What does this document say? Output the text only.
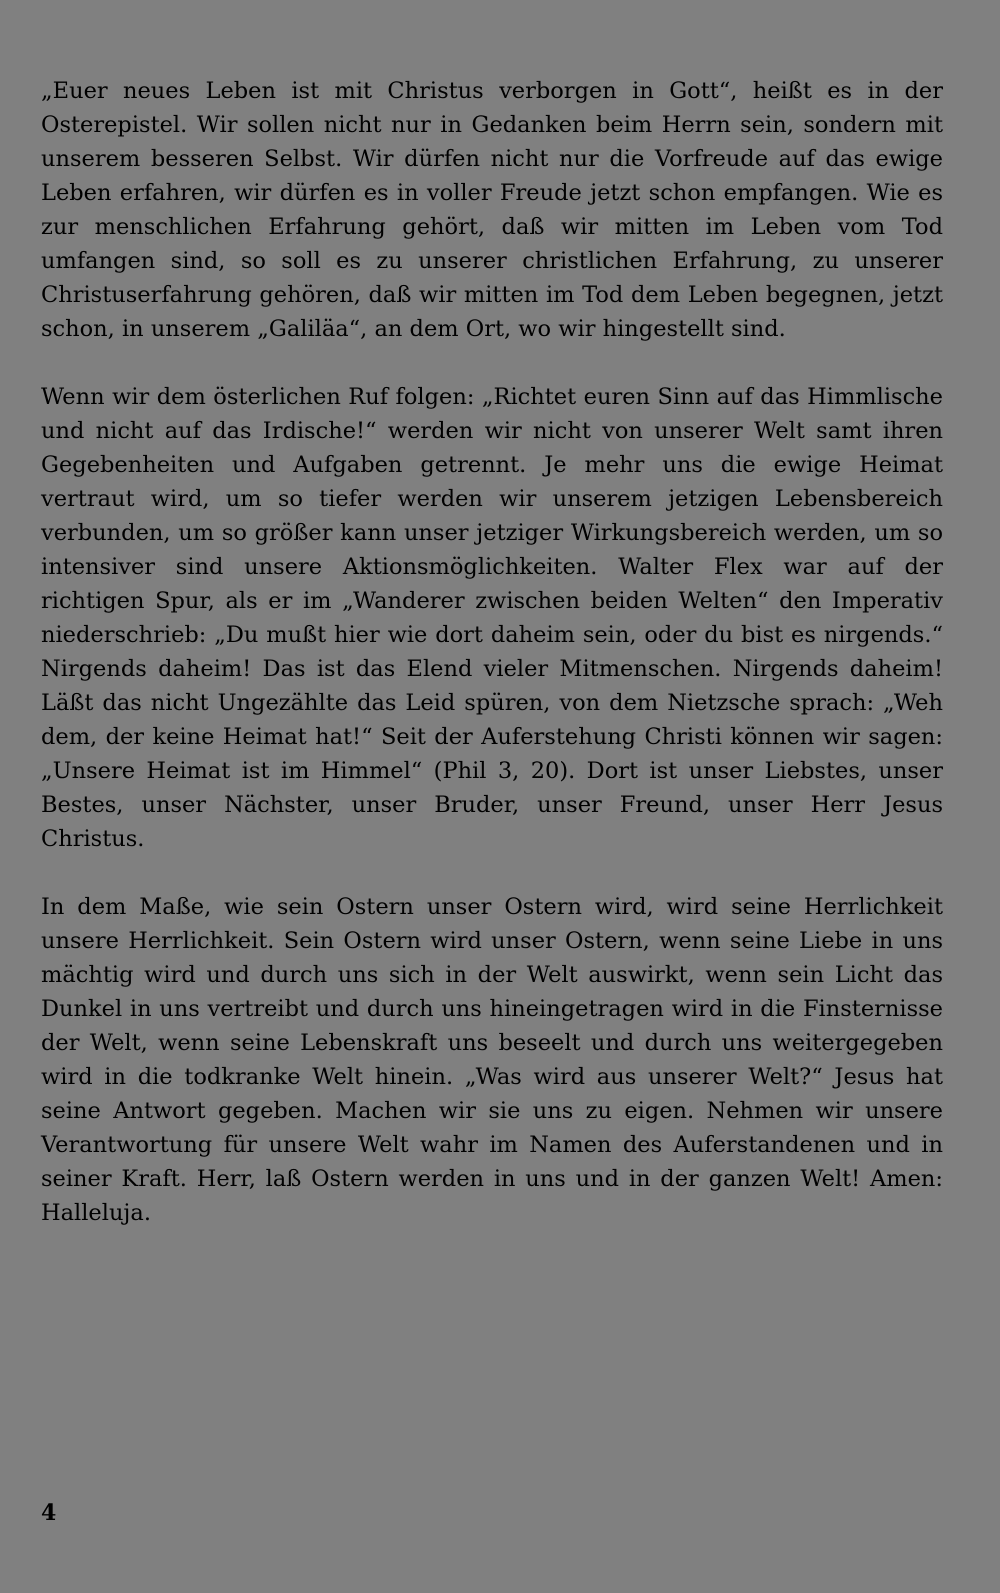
„Euer neues Leben ist mit Christus verborgen in Gott“, heißt es in der Osterepistel. Wir sollen nicht nur in Gedanken beim Herrn sein, sondern mit unserem besseren Selbst. Wir dürfen nicht nur die Vorfreude auf das ewige Leben erfahren, wir dürfen es in voller Freude jetzt schon empfangen. Wie es zur menschlichen Erfahrung gehört, daß wir mitten im Leben vom Tod umfangen sind, so soll es zu unserer christlichen Erfahrung, zu unserer Christuserfahrung gehören, daß wir mitten im Tod dem Leben begegnen, jetzt schon, in unserem „Galiläa“, an dem Ort, wo wir hingestellt sind.

Wenn wir dem österlichen Ruf folgen: „Richtet euren Sinn auf das Himmlische und nicht auf das Irdische!“ werden wir nicht von unserer Welt samt ihren Gegebenheiten und Aufgaben getrennt. Je mehr uns die ewige Heimat vertraut wird, um so tiefer werden wir unserem jetzigen Lebensbereich verbunden, um so größer kann unser jetziger Wirkungsbereich werden, um so intensiver sind unsere Aktionsmöglichkeiten. Walter Flex war auf der richtigen Spur, als er im „Wanderer zwischen beiden Welten“ den Imperativ niederschrieb: „Du mußt hier wie dort daheim sein, oder du bist es nirgends.“ Nirgends daheim! Das ist das Elend vieler Mitmenschen. Nirgends daheim! Läßt das nicht Ungezählte das Leid spüren, von dem Nietzsche sprach: „Weh dem, der keine Heimat hat!“ Seit der Auferstehung Christi können wir sagen: „Unsere Heimat ist im Himmel“ (Phil 3, 20). Dort ist unser Liebstes, unser Bestes, unser Nächster, unser Bruder, unser Freund, unser Herr Jesus Christus.

In dem Maße, wie sein Ostern unser Ostern wird, wird seine Herrlichkeit unsere Herrlichkeit. Sein Ostern wird unser Ostern, wenn seine Liebe in uns mächtig wird und durch uns sich in der Welt auswirkt, wenn sein Licht das Dunkel in uns vertreibt und durch uns hineingetragen wird in die Finsternisse der Welt, wenn seine Lebenskraft uns beseelt und durch uns weitergegeben wird in die todkranke Welt hinein. „Was wird aus unserer Welt?“ Jesus hat seine Antwort gegeben. Machen wir sie uns zu eigen. Nehmen wir unsere Verantwortung für unsere Welt wahr im Namen des Auferstandenen und in seiner Kraft. Herr, laß Ostern werden in uns und in der ganzen Welt! Amen: Halleluja.

4
